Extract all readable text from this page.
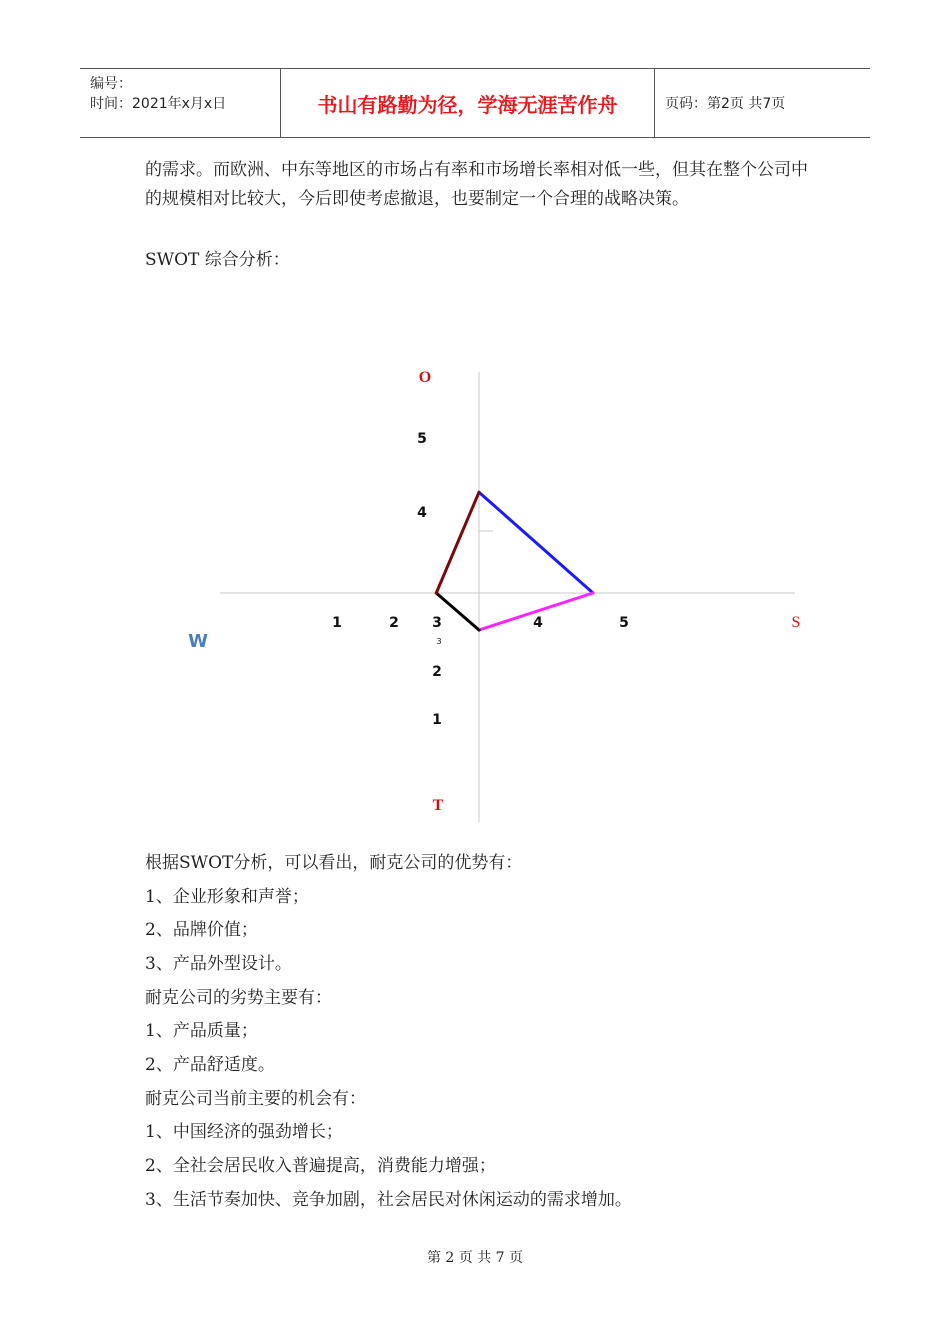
编号：
时间：2021年x月x日	书山有路勤为径，学海无涯苦作舟	页码：第2页 共7页
的需求。而欧洲、中东等地区的市场占有率和市场增长率相对低一些，但其在整个公司中的规模相对比较大，今后即使考虑撤退，也要制定一个合理的战略决策。
SWOT 综合分析：
O
T
W
S
1	2 3	4	5
5
4
2
1
3
根据SWOT分析，可以看出，耐克公司的优势有：
1、企业形象和声誉；
2、品牌价值；
3、产品外型设计。
耐克公司的劣势主要有：
1、产品质量；
2、产品舒适度。
耐克公司当前主要的机会有：
1、中国经济的强劲增长；
2、全社会居民收入普遍提高，消费能力增强；
3、生活节奏加快、竞争加剧，社会居民对休闲运动的需求增加。
第 2 页 共 7 页
